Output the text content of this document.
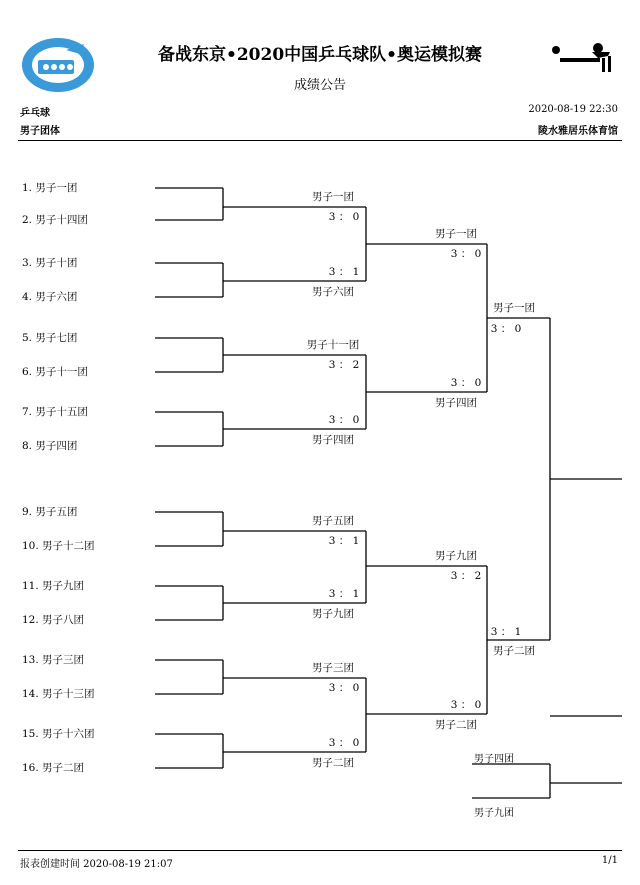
备战东京•2020中国乒乓球队•奥运模拟赛
成绩公告
乒乓球
男子团体
2020-08-19 22:30
陵水雅居乐体育馆
1. 男子一团
2. 男子十四团
3. 男子十团
4. 男子六团
5. 男子七团
6. 男子十一团
7. 男子十五团
8. 男子四团
9. 男子五团
10. 男子十二团
11. 男子九团
12. 男子八团
13. 男子三团
14. 男子十三团
15. 男子十六团
16. 男子二团
男子一团
3 ： 0
3 ： 1
男子六团
男子十一团
3 ： 2
3 ： 0
男子四团
男子五团
3 ： 1
3 ： 1
男子九团
男子三团
3 ： 0
3 ： 0
男子二团
男子一团
3 ： 0
3 ： 0
男子四团
男子九团
3 ： 2
3 ： 0
男子二团
男子一团
3 ： 0
3 ： 1
男子二团
男子四团
男子九团
报表创建时间 2020-08-19 21:07	1/1
